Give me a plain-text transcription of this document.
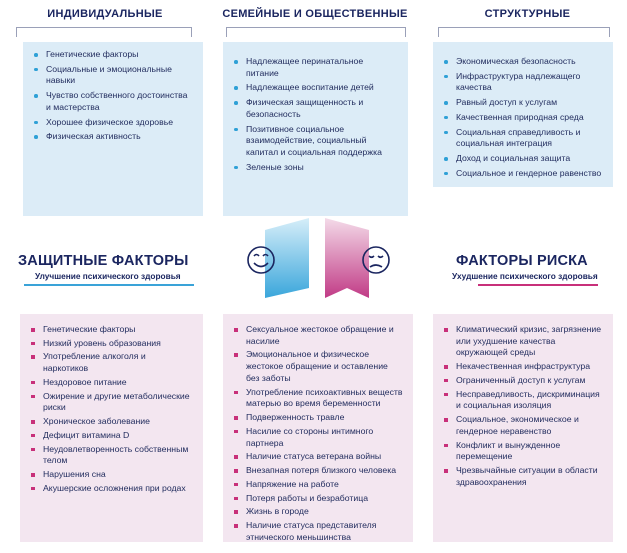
ИНДИВИДУАЛЬНЫЕ	СЕМЕЙНЫЕ И ОБЩЕСТВЕННЫЕ	СТРУКТУРНЫЕ
Генетические факторы
Социальные и эмоциональные навыки
Чувство собственного достоинства и мастерства
Хорошее физическое здоровье
Физическая активность
Надлежащее перинатальное питание
Надлежащее воспитание детей
Физическая защищенность и безопасность
Позитивное социальное взаимодействие, социальный капитал и социальная поддержка
Зеленые зоны
Экономическая безопасность
Инфраструктура надлежащего качества
Равный доступ к услугам
Качественная природная среда
Социальная справедливость и социальная интеграция
Доход и социальная защита
Социальное и гендерное равенство
ЗАЩИТНЫЕ ФАКТОРЫ
Улучшение психического здоровья
ФАКТОРЫ РИСКА
Ухудшение психического здоровья
Генетические факторы
Низкий уровень образования
Употребление алкоголя и наркотиков
Нездоровое питание
Ожирение и другие метаболические риски
Хроническое заболевание
Дефицит витамина D
Неудовлетворенность собственным телом
Нарушения сна
Акушерские осложнения при родах
Сексуальное жестокое обращение и насилие
Эмоциональное и физическое жестокое обращение и оставление без заботы
Употребление психоактивных веществ матерью во время беременности
Подверженность травле
Насилие со стороны интимного партнера
Наличие статуса ветерана войны
Внезапная потеря близкого человека
Напряжение на работе
Потеря работы и безработица
Жизнь в городе
Наличие статуса представителя этнического меньшинства
Климатический кризис, загрязнение или ухудшение качества окружающей среды
Некачественная инфраструктура
Ограниченный доступ к услугам
Несправедливость, дискриминация и социальная изоляция
Социальное, экономическое и гендерное неравенство
Конфликт и вынужденное перемещение
Чрезвычайные ситуации в области здравоохранения
